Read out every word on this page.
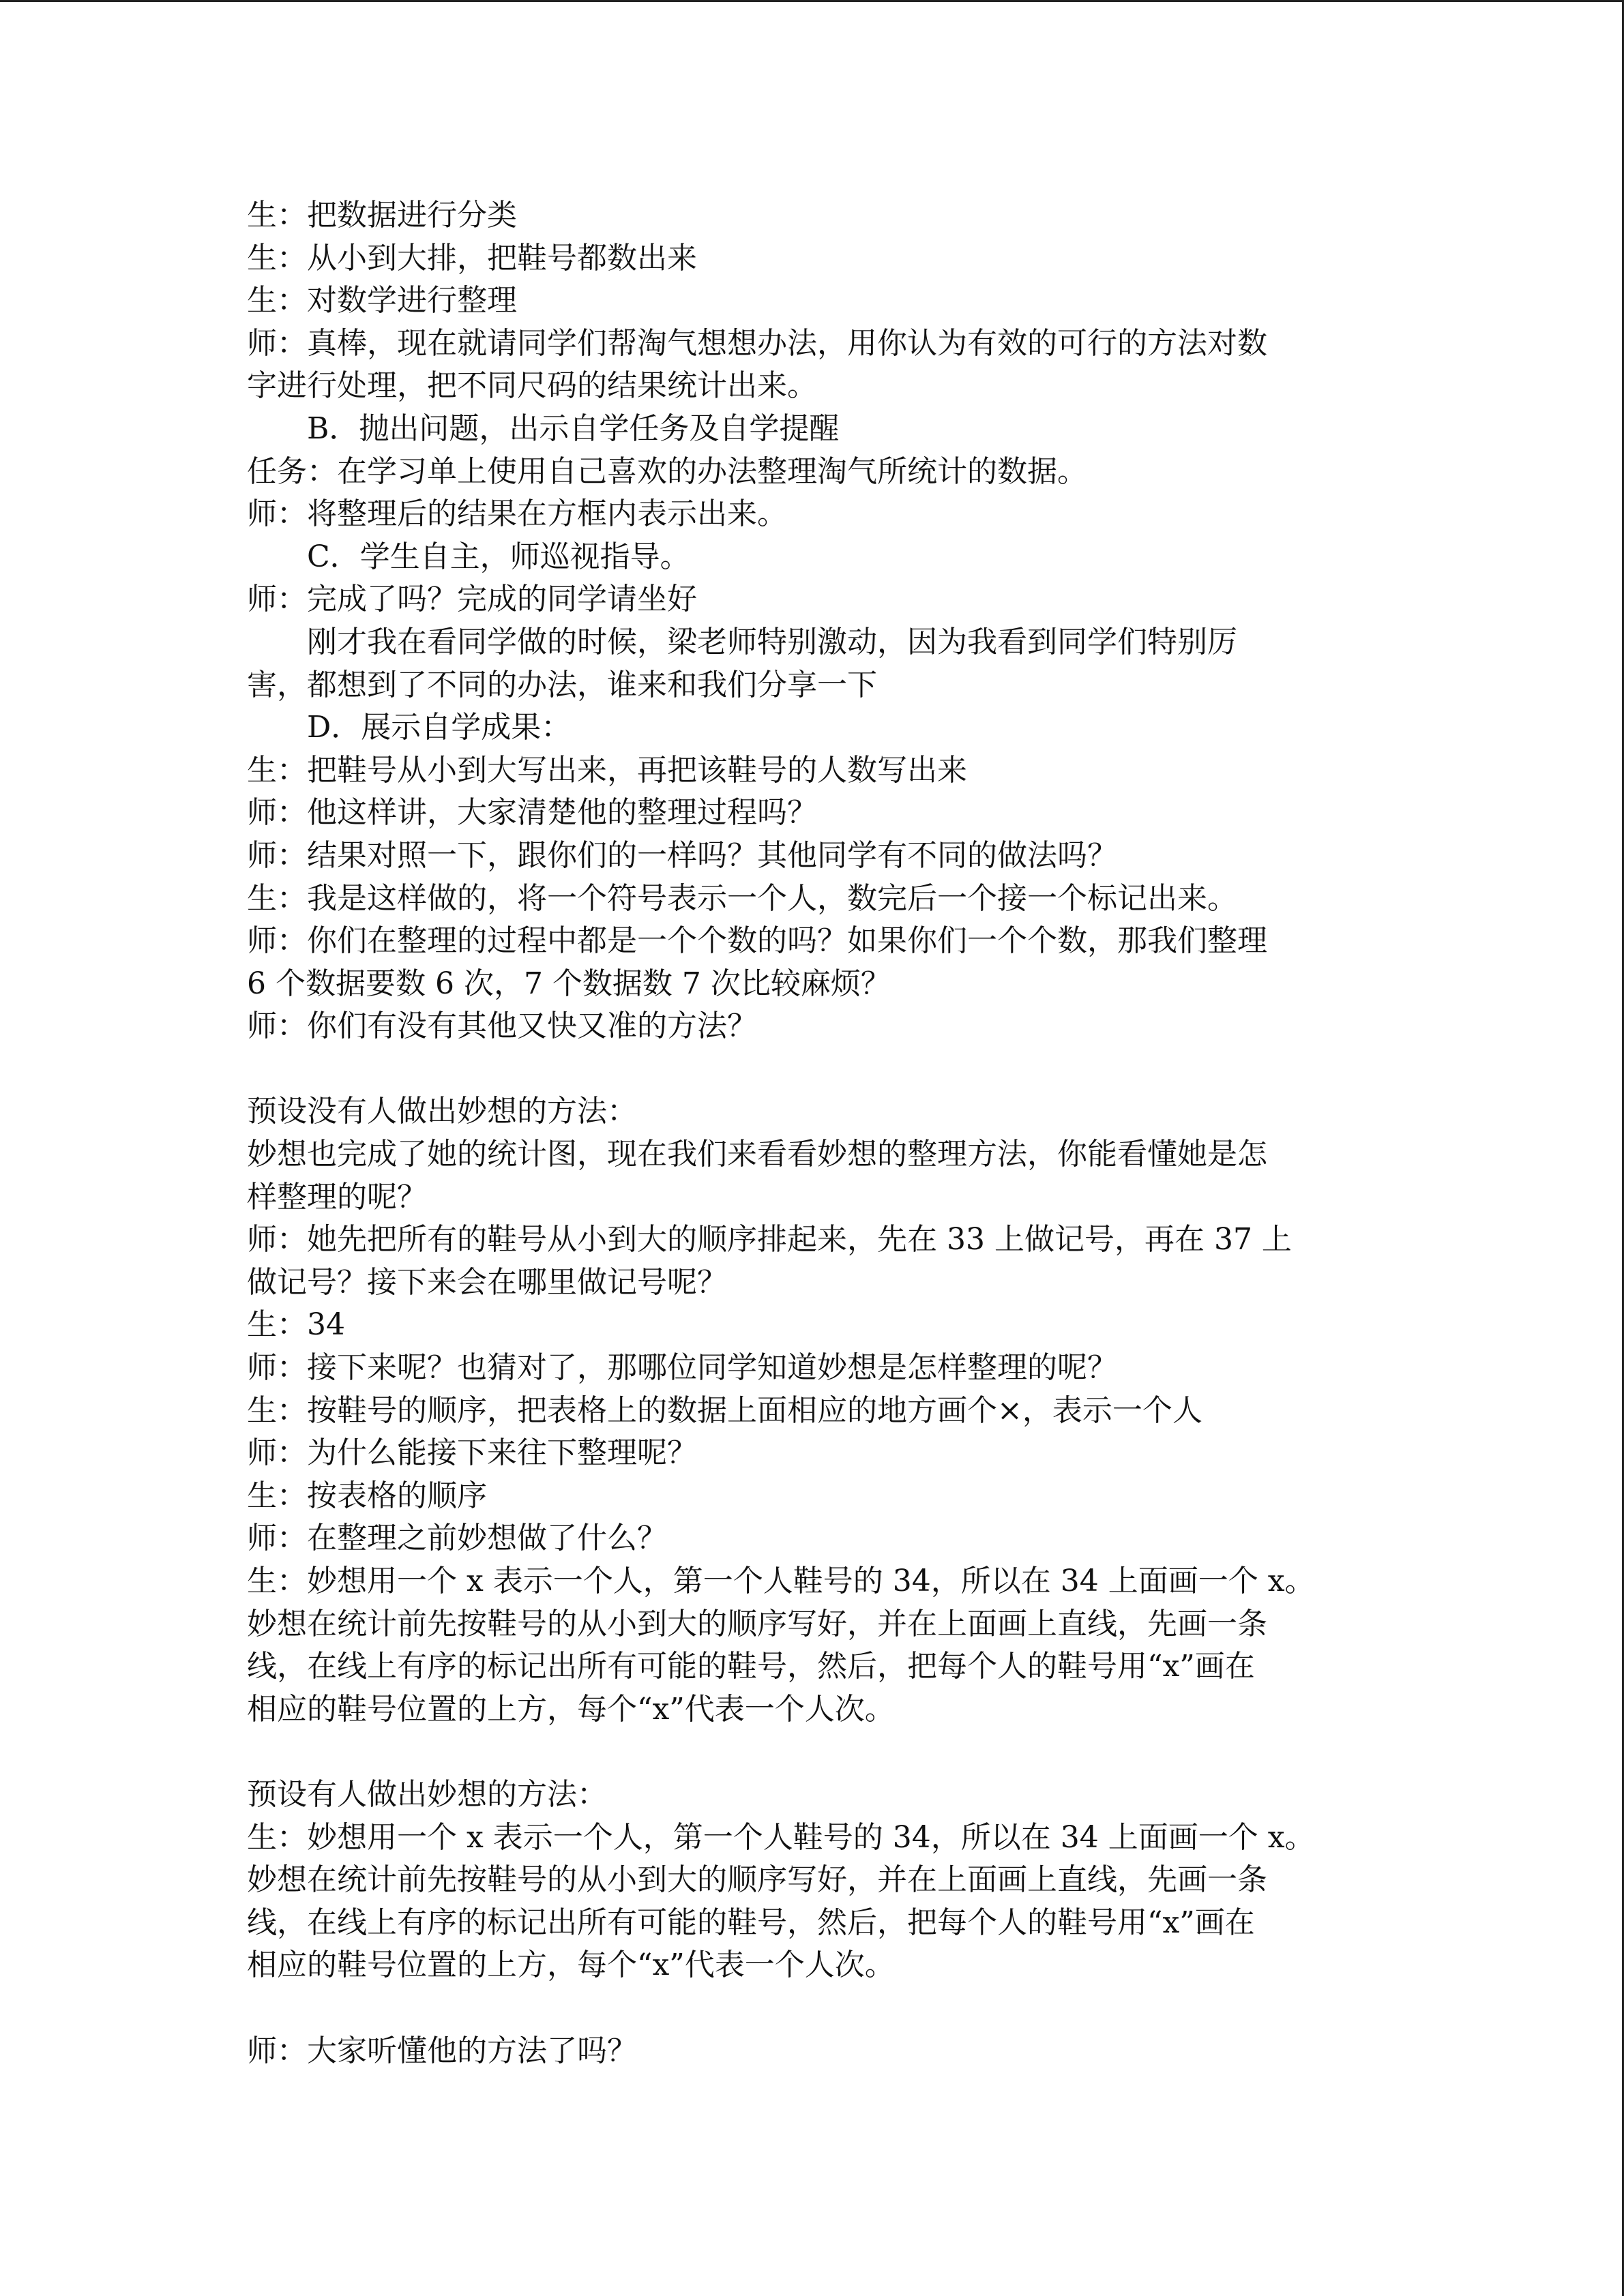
生：把数据进行分类
生：从小到大排，把鞋号都数出来
生：对数学进行整理
师：真棒，现在就请同学们帮淘气想想办法，用你认为有效的可行的方法对数
字进行处理，把不同尺码的结果统计出来。
B．抛出问题，出示自学任务及自学提醒
任务：在学习单上使用自己喜欢的办法整理淘气所统计的数据。
师：将整理后的结果在方框内表示出来。
C．学生自主，师巡视指导。
师：完成了吗？完成的同学请坐好
刚才我在看同学做的时候，梁老师特别激动，因为我看到同学们特别厉
害，都想到了不同的办法，谁来和我们分享一下
D．展示自学成果：
生：把鞋号从小到大写出来，再把该鞋号的人数写出来
师：他这样讲，大家清楚他的整理过程吗？
师：结果对照一下，跟你们的一样吗？其他同学有不同的做法吗？
生：我是这样做的，将一个符号表示一个人，数完后一个接一个标记出来。
师：你们在整理的过程中都是一个个数的吗？如果你们一个个数，那我们整理
6 个数据要数 6 次，7 个数据数 7 次比较麻烦？
师：你们有没有其他又快又准的方法？
预设没有人做出妙想的方法：
妙想也完成了她的统计图，现在我们来看看妙想的整理方法，你能看懂她是怎
样整理的呢？
师：她先把所有的鞋号从小到大的顺序排起来，先在 33 上做记号，再在 37 上
做记号？接下来会在哪里做记号呢？
生：34
师：接下来呢？也猜对了，那哪位同学知道妙想是怎样整理的呢？
生：按鞋号的顺序，把表格上的数据上面相应的地方画个×，表示一个人
师：为什么能接下来往下整理呢？
生：按表格的顺序
师：在整理之前妙想做了什么？
生：妙想用一个 x 表示一个人，第一个人鞋号的 34，所以在 34 上面画一个 x。
妙想在统计前先按鞋号的从小到大的顺序写好，并在上面画上直线，先画一条
线，在线上有序的标记出所有可能的鞋号，然后，把每个人的鞋号用“x”画在
相应的鞋号位置的上方，每个“x”代表一个人次。
预设有人做出妙想的方法：
生：妙想用一个 x 表示一个人，第一个人鞋号的 34，所以在 34 上面画一个 x。
妙想在统计前先按鞋号的从小到大的顺序写好，并在上面画上直线，先画一条
线，在线上有序的标记出所有可能的鞋号，然后，把每个人的鞋号用“x”画在
相应的鞋号位置的上方，每个“x”代表一个人次。
师：大家听懂他的方法了吗？
